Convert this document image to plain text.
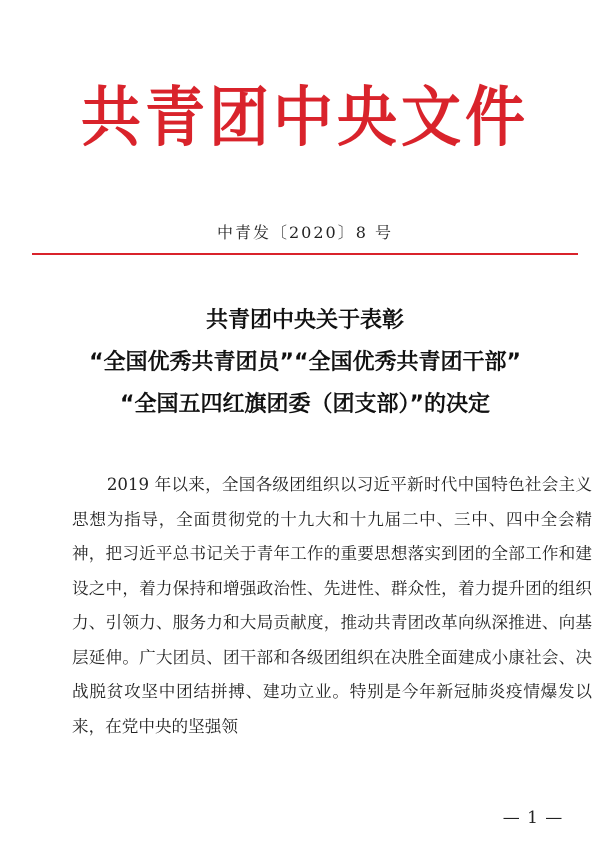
共青团中央文件
中青发〔2020〕8 号
共青团中央关于表彰
“全国优秀共青团员”“全国优秀共青团干部”
“全国五四红旗团委（团支部）”的决定

2019 年以来，全国各级团组织以习近平新时代中国特色社会主义思想为指导，全面贯彻党的十九大和十九届二中、三中、四中全会精神，把习近平总书记关于青年工作的重要思想落实到团的全部工作和建设之中，着力保持和增强政治性、先进性、群众性，着力提升团的组织力、引领力、服务力和大局贡献度，推动共青团改革向纵深推进、向基层延伸。广大团员、团干部和各级团组织在决胜全面建成小康社会、决战脱贫攻坚中团结拼搏、建功立业。特别是今年新冠肺炎疫情爆发以来，在党中央的坚强领

— 1 —
